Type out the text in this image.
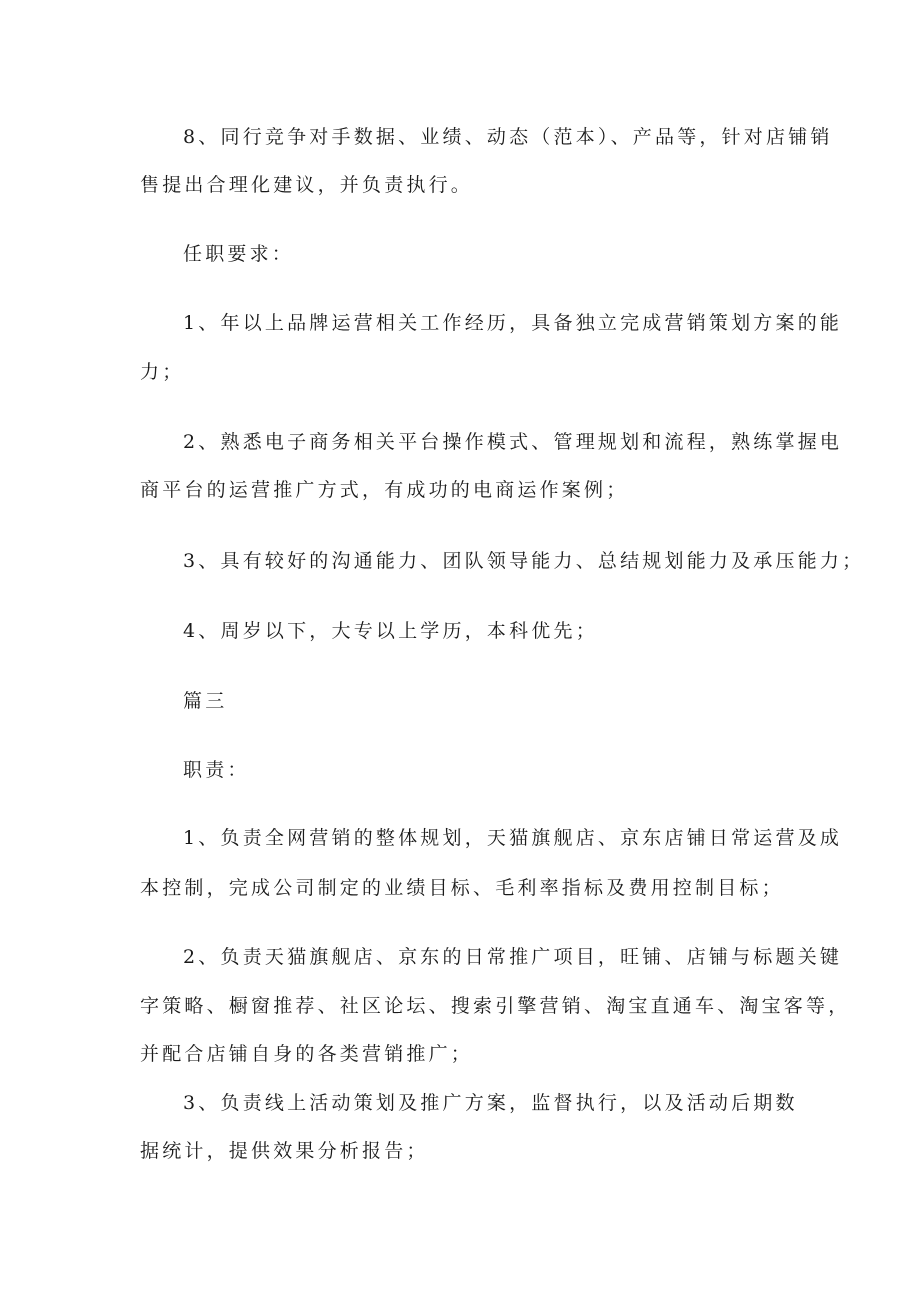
8、同行竞争对手数据、业绩、动态（范本）、产品等，针对店铺销
售提出合理化建议，并负责执行。
任职要求：
1、年以上品牌运营相关工作经历，具备独立完成营销策划方案的能
力；
2、熟悉电子商务相关平台操作模式、管理规划和流程，熟练掌握电
商平台的运营推广方式，有成功的电商运作案例；
3、具有较好的沟通能力、团队领导能力、总结规划能力及承压能力；
4、周岁以下，大专以上学历，本科优先；
篇三
职责：
1、负责全网营销的整体规划，天猫旗舰店、京东店铺日常运营及成
本控制，完成公司制定的业绩目标、毛利率指标及费用控制目标；
2、负责天猫旗舰店、京东的日常推广项目，旺铺、店铺与标题关键
字策略、橱窗推荐、社区论坛、搜索引擎营销、淘宝直通车、淘宝客等，
并配合店铺自身的各类营销推广；
3、负责线上活动策划及推广方案，监督执行，以及活动后期数
据统计，提供效果分析报告；
